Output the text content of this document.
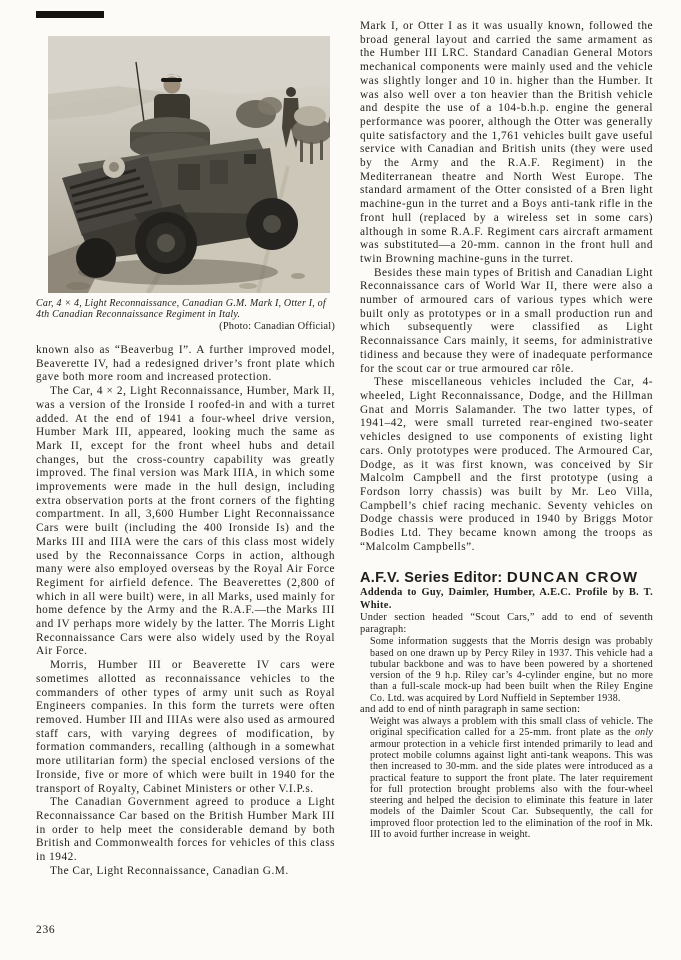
Car, 4 × 4, Light Reconnaissance, Canadian G.M. Mark I, Otter I, of 4th Canadian Reconnaissance Regiment in Italy.
(Photo: Canadian Official)

known also as “Beaverbug I”. A further improved model, Beaverette IV, had a redesigned driver’s front plate which gave both more room and increased protection.

The Car, 4 × 2, Light Reconnaissance, Humber, Mark II, was a version of the Ironside I roofed-in and with a turret added. At the end of 1941 a four-wheel drive version, Humber Mark III, appeared, looking much the same as Mark II, except for the front wheel hubs and detail changes, but the cross-country capability was greatly improved. The final version was Mark IIIA, in which some improvements were made in the hull design, including extra observation ports at the front corners of the fighting compartment. In all, 3,600 Humber Light Reconnaissance Cars were built (including the 400 Ironside Is) and the Marks III and IIIA were the cars of this class most widely used by the Reconnaissance Corps in action, although many were also employed overseas by the Royal Air Force Regiment for airfield defence. The Beaverettes (2,800 of which in all were built) were, in all Marks, used mainly for home defence by the Army and the R.A.F.—the Marks III and IV perhaps more widely by the latter. The Morris Light Reconnaissance Cars were also widely used by the Royal Air Force.

Morris, Humber III or Beaverette IV cars were sometimes allotted as reconnaissance vehicles to the commanders of other types of army unit such as Royal Engineers companies. In this form the turrets were often removed. Humber III and IIIAs were also used as armoured staff cars, with varying degrees of modification, by formation commanders, recalling (although in a somewhat more utilitarian form) the special enclosed versions of the Ironside, five or more of which were built in 1940 for the transport of Royalty, Cabinet Ministers or other V.I.P.s.

The Canadian Government agreed to produce a Light Reconnaissance Car based on the British Humber Mark III in order to help meet the considerable demand by both British and Commonwealth forces for vehicles of this class in 1942.

The Car, Light Reconnaissance, Canadian G.M.

236

Mark I, or Otter I as it was usually known, followed the broad general layout and carried the same armament as the Humber III LRC. Standard Canadian General Motors mechanical components were mainly used and the vehicle was slightly longer and 10 in. higher than the Humber. It was also well over a ton heavier than the British vehicle and despite the use of a 104-b.h.p. engine the general performance was poorer, although the Otter was generally quite satisfactory and the 1,761 vehicles built gave useful service with Canadian and British units (they were used by the Army and the R.A.F. Regiment) in the Mediterranean theatre and North West Europe. The standard armament of the Otter consisted of a Bren light machine-gun in the turret and a Boys anti-tank rifle in the front hull (replaced by a wireless set in some cars) although in some R.A.F. Regiment cars aircraft armament was substituted—a 20-mm. cannon in the front hull and twin Browning machine-guns in the turret.

Besides these main types of British and Canadian Light Reconnaissance cars of World War II, there were also a number of armoured cars of various types which were built only as prototypes or in a small production run and which subsequently were classified as Light Reconnaissance Cars mainly, it seems, for administrative tidiness and because they were of inadequate performance for the scout car or true armoured car rôle.

These miscellaneous vehicles included the Car, 4-wheeled, Light Reconnaissance, Dodge, and the Hillman Gnat and Morris Salamander. The two latter types, of 1941–42, were small turreted rear-engined two-seater vehicles designed to use components of existing light cars. Only prototypes were produced. The Armoured Car, Dodge, as it was first known, was conceived by Sir Malcolm Campbell and the first prototype (using a Fordson lorry chassis) was built by Mr. Leo Villa, Campbell’s chief racing mechanic. Seventy vehicles on Dodge chassis were produced in 1940 by Briggs Motor Bodies Ltd. They became known among the troops as “Malcolm Campbells”.

A.F.V. Series Editor: DUNCAN CROW

Addenda to Guy, Daimler, Humber, A.E.C. Profile by B. T. White.

Under section headed “Scout Cars,” add to end of seventh paragraph:

Some information suggests that the Morris design was probably based on one drawn up by Percy Riley in 1937. This vehicle had a tubular backbone and was to have been powered by a shortened version of the 9 h.p. Riley car’s 4-cylinder engine, but no more than a full-scale mock-up had been built when the Riley Engine Co. Ltd. was acquired by Lord Nuffield in September 1938.

and add to end of ninth paragraph in same section:

Weight was always a problem with this small class of vehicle. The original specification called for a 25-mm. front plate as the only armour protection in a vehicle first intended primarily to lead and protect mobile columns against light anti-tank weapons. This was then increased to 30-mm. and the side plates were introduced as a practical feature to support the front plate. The later requirement for full protection brought problems also with the four-wheel steering and helped the decision to eliminate this feature in later models of the Daimler Scout Car. Subsequently, the call for improved floor protection led to the elimination of the roof in Mk. III to avoid further increase in weight.
